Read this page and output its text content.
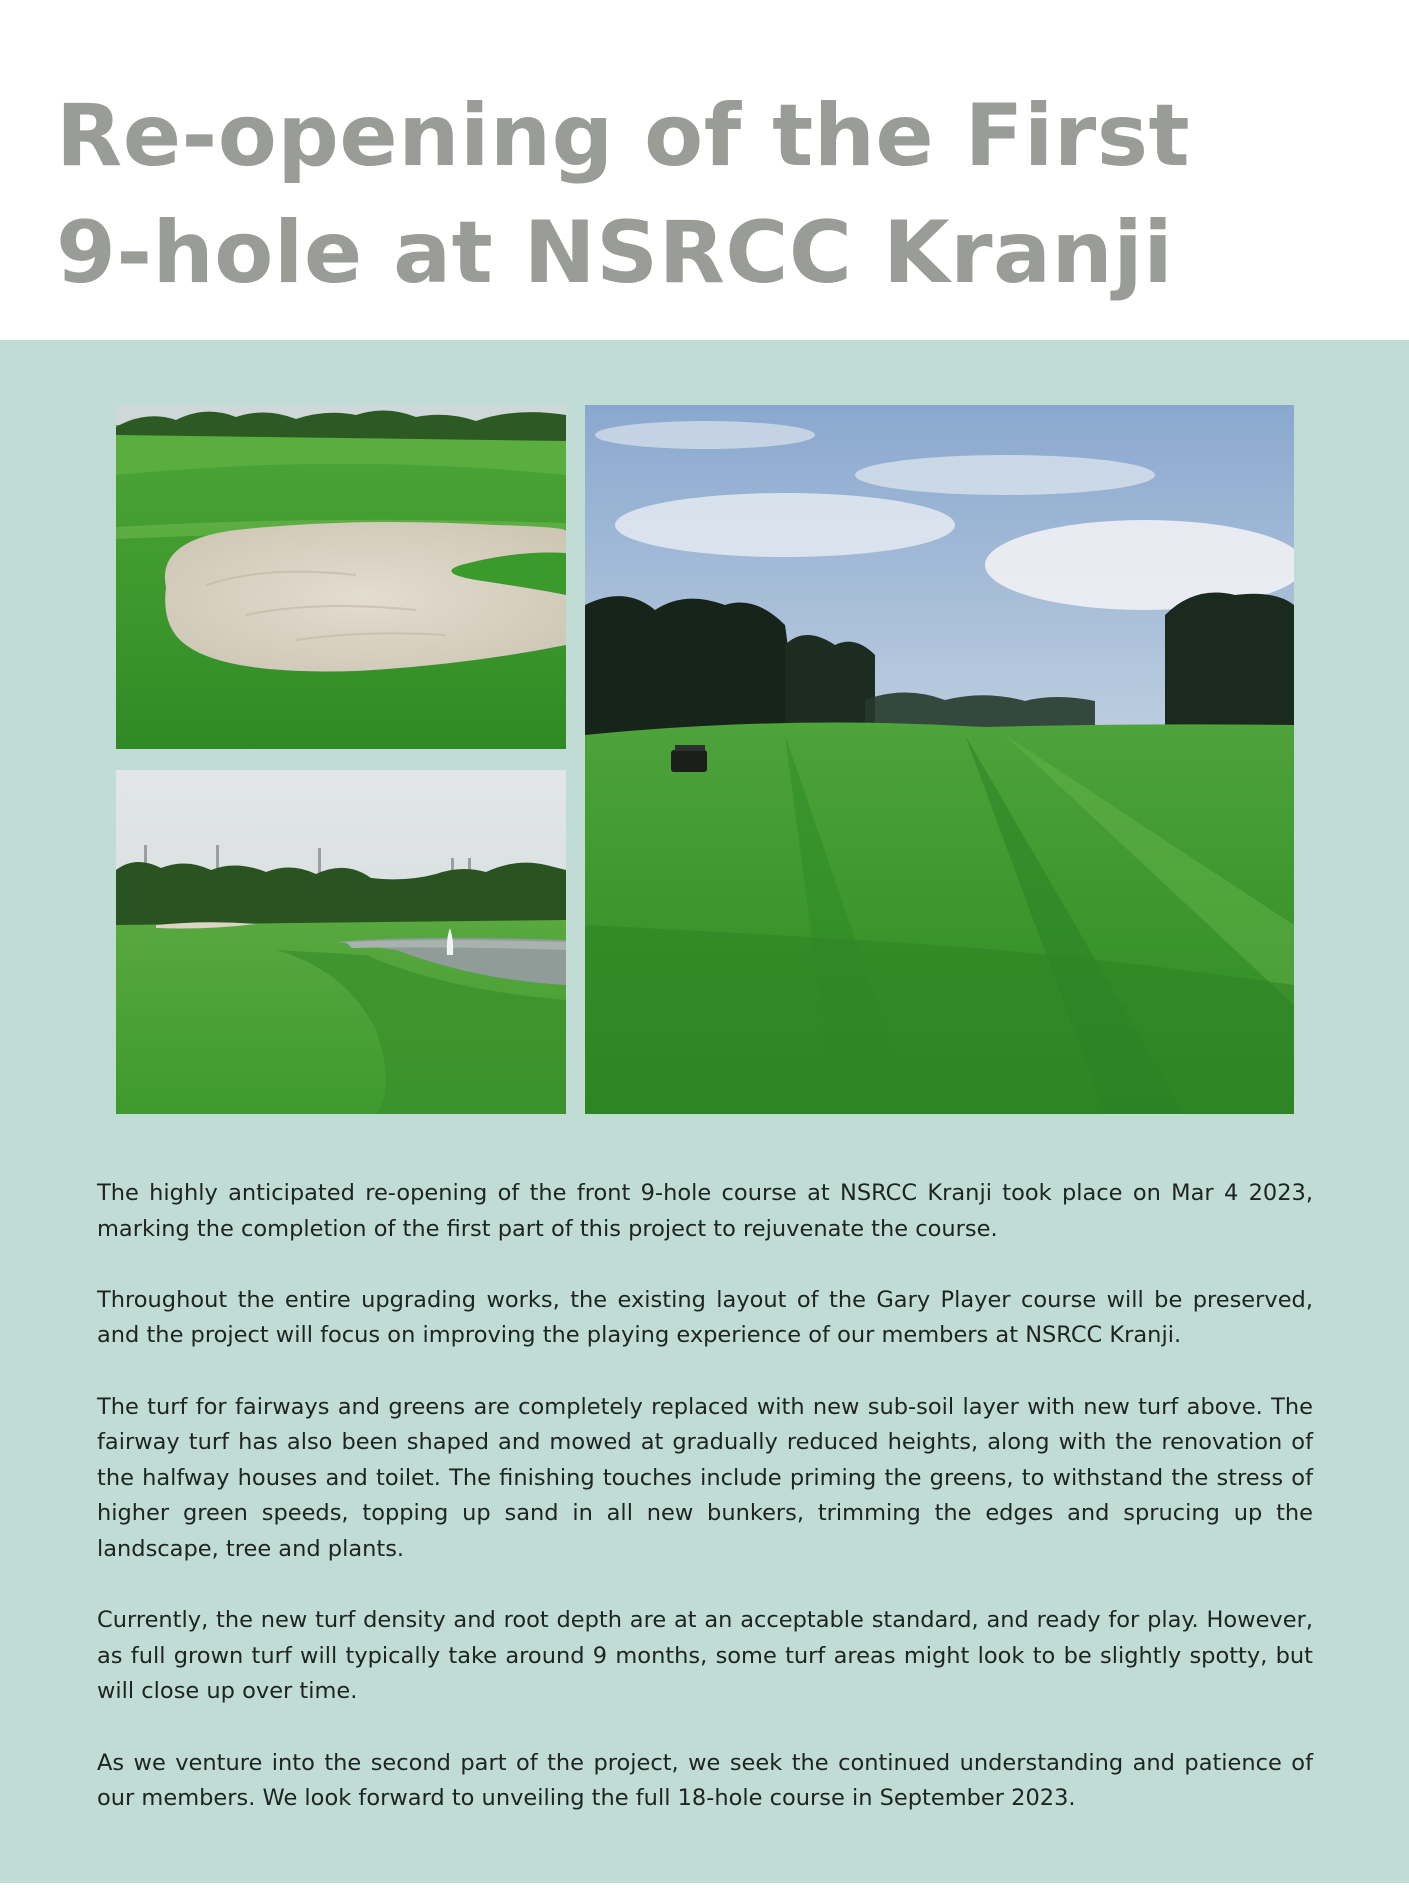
Re-opening of the First
9-hole at NSRCC Kranji

The highly anticipated re-opening of the front 9-hole course at NSRCC Kranji took place on Mar 4 2023, marking the completion of the first part of this project to rejuvenate the course.

Throughout the entire upgrading works, the existing layout of the Gary Player course will be preserved, and the project will focus on improving the playing experience of our members at NSRCC Kranji.

The turf for fairways and greens are completely replaced with new sub-soil layer with new turf above. The fairway turf has also been shaped and mowed at gradually reduced heights, along with the renovation of the halfway houses and toilet. The finishing touches include priming the greens, to withstand the stress of higher green speeds, topping up sand in all new bunkers, trimming the edges and sprucing up the landscape, tree and plants.

Currently, the new turf density and root depth are at an acceptable standard, and ready for play. However, as full grown turf will typically take around 9 months, some turf areas might look to be slightly spotty, but will close up over time.

As we venture into the second part of the project, we seek the continued understanding and patience of our members. We look forward to unveiling the full 18-hole course in September 2023.
